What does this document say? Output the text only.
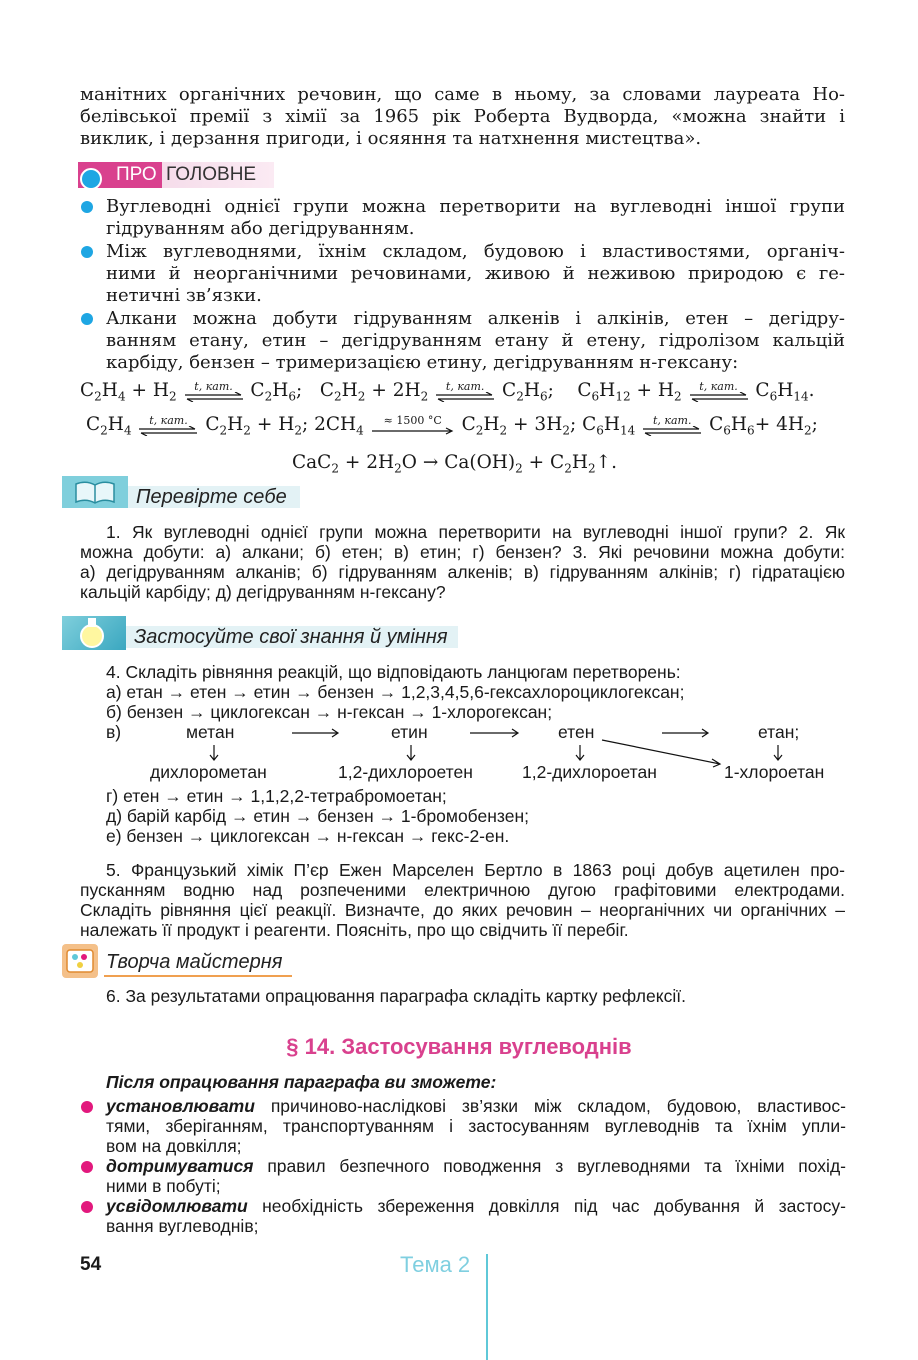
манітних органічних речовин, що саме в ньому, за словами лауреата Но-
белівської премії з хімії за 1965 рік Роберта Вудворда, «можна знайти і
виклик, і дерзання пригоди, і осяяння та натхнення мистецтва».
ПРО ГОЛОВНЕ
Вуглеводні однієї групи можна перетворити на вуглеводні іншої групи
гідруванням або дегідруванням.
Між вуглеводнями, їхнім складом, будовою і властивостями, органіч-
ними й неорганічними речовинами, живою й неживою природою є ге-
нетичні зв’язки.
Алкани можна добути гідруванням алкенів і алкінів, етен – дегідру-
ванням етану, етин – дегідруванням етану й етену, гідролізом кальцій
карбіду, бензен – тримеризацією етину, дегідруванням н-гексану:
$C_2H_4 + H_2$
t, кат. $C_2H_6$;   $C_2H_2 + 2H_2$
t, кат. $C_2H_6$;    $C_6H_{12} + H_2$
t, кат. $C_6H_{14}$.
$C_2H_4$
t, кат. $C_2H_2 + H_2$; $2CH_4$
≈ 1500 °C $C_2H_2 + 3H_2$; $C_6H_{14}$
t, кат. $C_6H_6+ 4H_2$;
$CaC_2 + 2H_2O \to Ca(OH)_2$ + $C_2H_2↑$.
Перевірте себе
1. Як вуглеводні однієї групи можна перетворити на вуглеводні іншої групи? 2. Як
можна добути: а) алкани; б) етен; в) етин; г) бензен? 3. Які речовини можна добути:
а) дегідруванням алканів; б) гідруванням алкенів; в) гідруванням алкінів; г) гідратацією
кальцій карбіду; д) дегідруванням н-гексану?
Застосуйте свої знання й уміння
4. Складіть рівняння реакцій, що відповідають ланцюгам перетворень:
а) етан → етен → етин → бензен → 1,2,3,4,5,6-гексахлороциклогексан;
б) бензен → циклогексан → н-гексан → 1-хлорогексан;
в)	метан	етин	етен	етан;
дихлорометан	1,2-дихлороетен	1,2-дихлороетан	1-хлороетан
г) етен → етин → 1,1,2,2-тетрабромоетан;
д) барій карбід → етин → бензен → 1-бромобензен;
е) бензен → циклогексан → н-гексан → гекс-2-ен.
5. Французький хімік П’єр Ежен Марселен Бертло в 1863 році добув ацетилен про-
пусканням водню над розпеченими електричною дугою графітовими електродами.
Складіть рівняння цієї реакції. Визначте, до яких речовин – неорганічних чи органічних –
належать її продукт і реагенти. Поясніть, про що свідчить її перебіг.
Творча майстерня
6. За результатами опрацювання параграфа складіть картку рефлексії.
§ 14. Застосування вуглеводнів
Після опрацювання параграфа ви зможете:
установлювати причиново-наслідкові зв’язки між складом, будовою, властивос-
тями, зберіганням, транспортуванням і застосуванням вуглеводнів та їхнім упли-
вом на довкілля;
дотримуватися правил безпечного поводження з вуглеводнями та їхніми похід-
ними в побуті;
усвідомлювати необхідність збереження довкілля під час добування й застосу-
вання вуглеводнів;
54	Тема 2
